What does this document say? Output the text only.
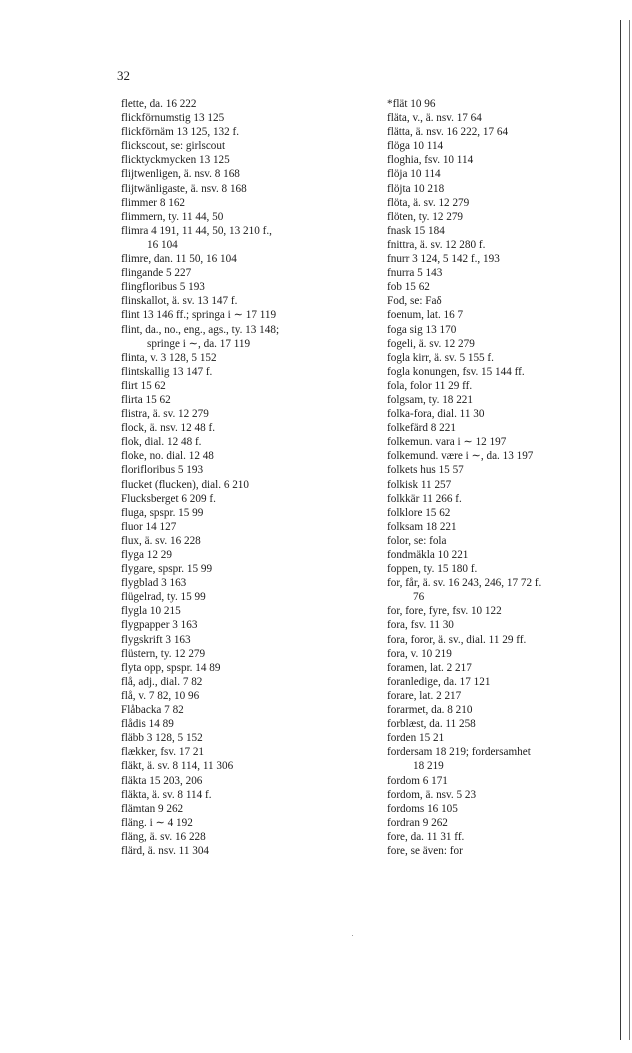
32
flette, da. 16 222
flickförnumstig 13 125
flickförnäm 13 125, 132 f.
flickscout, se: girlscout
flicktyckmycken 13 125
flijtwenligen, ä. nsv. 8 168
flijtwänligaste, ä. nsv. 8 168
flimmer 8 162
flimmern, ty. 11 44, 50
flimra 4 191, 11 44, 50, 13 210 f.,
16 104
flimre, dan. 11 50, 16 104
flingande 5 227
flingfloribus 5 193
flinskallot, ä. sv. 13 147 f.
flint 13 146 ff.; springa i ∼ 17 119
flint, da., no., eng., ags., ty. 13 148;
springe i ∼, da. 17 119
flinta, v. 3 128, 5 152
flintskallig 13 147 f.
flirt 15 62
flirta 15 62
flistra, ä. sv. 12 279
flock, ä. nsv. 12 48 f.
flok, dial. 12 48 f.
floke, no. dial. 12 48
florifloribus 5 193
flucket (flucken), dial. 6 210
Flucksberget 6 209 f.
fluga, spspr. 15 99
fluor 14 127
flux, ä. sv. 16 228
flyga 12 29
flygare, spspr. 15 99
flygblad 3 163
flügelrad, ty. 15 99
flygla 10 215
flygpapper 3 163
flygskrift 3 163
flüstern, ty. 12 279
flyta opp, spspr. 14 89
flå, adj., dial. 7 82
flå, v. 7 82, 10 96
Flåbacka 7 82
flådis 14 89
fläbb 3 128, 5 152
flækker, fsv. 17 21
fläkt, ä. sv. 8 114, 11 306
fläkta 15 203, 206
fläkta, ä. sv. 8 114 f.
flämtan 9 262
fläng. i ∼ 4 192
fläng, ä. sv. 16 228
flärd, ä. nsv. 11 304
*flät 10 96
fläta, v., ä. nsv. 17 64
flätta, ä. nsv. 16 222, 17 64
flöga 10 114
floghia, fsv. 10 114
flöja 10 114
flöjta 10 218
flöta, ä. sv. 12 279
flöten, ty. 12 279
fnask 15 184
fnittra, ä. sv. 12 280 f.
fnurr 3 124, 5 142 f., 193
fnurra 5 143
fob 15 62
Fod, se: Faδ
foenum, lat. 16 7
foga sig 13 170
fogeli, ä. sv. 12 279
fogla kirr, ä. sv. 5 155 f.
fogla konungen, fsv. 15 144 ff.
fola, folor 11 29 ff.
folgsam, ty. 18 221
folka-fora, dial. 11 30
folkefärd 8 221
folkemun. vara i ∼ 12 197
folkemund. være i ∼, da. 13 197
folkets hus 15 57
folkisk 11 257
folkkär 11 266 f.
folklore 15 62
folksam 18 221
folor, se: fola
fondmäkla 10 221
foppen, ty. 15 180 f.
for, får, ä. sv. 16 243, 246, 17 72 f.
76
for, fore, fyre, fsv. 10 122
fora, fsv. 11 30
fora, foror, ä. sv., dial. 11 29 ff.
fora, v. 10 219
foramen, lat. 2 217
foranledige, da. 17 121
forare, lat. 2 217
forarmet, da. 8 210
forblæst, da. 11 258
forden 15 21
fordersam 18 219; fordersamhet
18 219
fordom 6 171
fordom, ä. nsv. 5 23
fordoms 16 105
fordran 9 262
fore, da. 11 31 ff.
fore, se även: for
